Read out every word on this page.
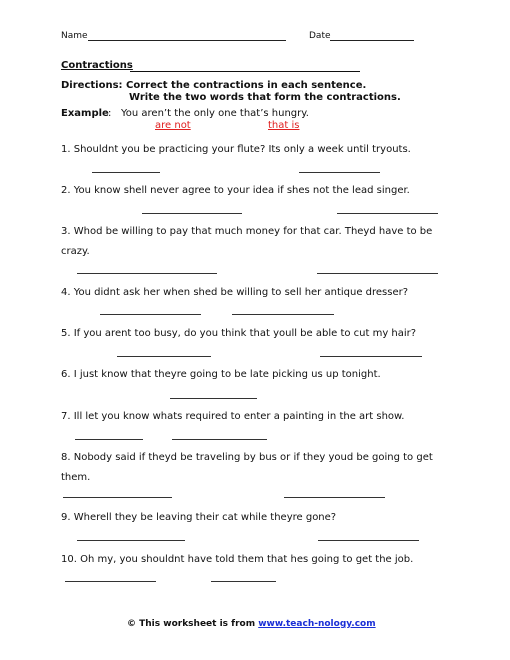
Name	Date
Contractions
Directions: Correct the contractions in each sentence.
Write the two words that form the contractions.
Example : You aren’t the only one that’s hungry.
are not	that is
1. Shouldnt you be practicing your flute? Its only a week until tryouts.
2. You know shell never agree to your idea if shes not the lead singer.
3. Whod be willing to pay that much money for that car. Theyd have to be crazy.
4. You didnt ask her when shed be willing to sell her antique dresser?
5. If you arent too busy, do you think that youll be able to cut my hair?
6. I just know that theyre going to be late picking us up tonight.
7. Ill let you know whats required to enter a painting in the art show.
8. Nobody said if theyd be traveling by bus or if they youd be going to get them.
9. Wherell they be leaving their cat while theyre gone?
10. Oh my, you shouldnt have told them that hes going to get the job.
© This worksheet is from www.teach-nology.com
